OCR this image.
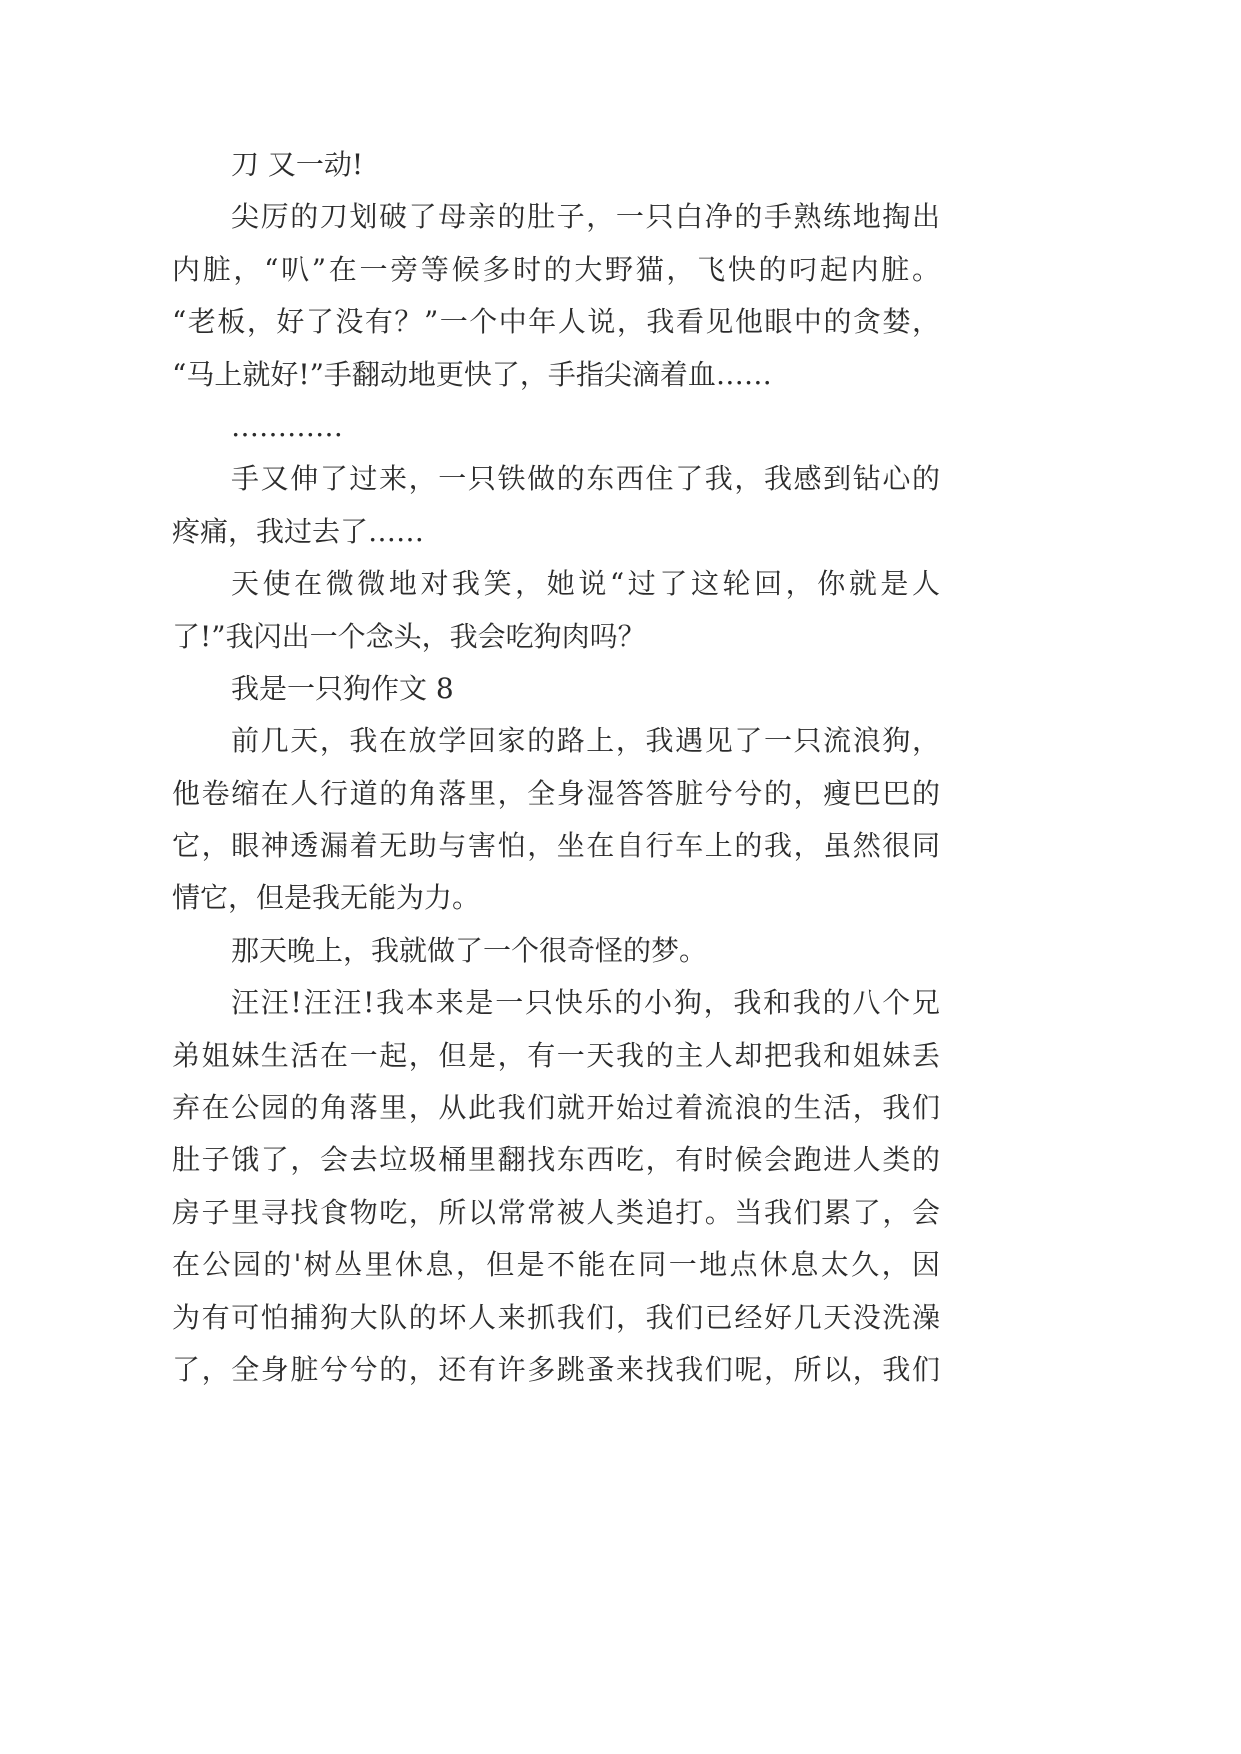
刀 又一动!
尖厉的刀划破了母亲的肚子，一只白净的手熟练地掏出
内脏，“叭”在一旁等候多时的大野猫，飞快的叼起内脏。
“老板，好了没有？”一个中年人说，我看见他眼中的贪婪，
“马上就好!”手翻动地更快了，手指尖滴着血……
…………
手又伸了过来，一只铁做的东西住了我，我感到钻心的
疼痛，我过去了……
天使在微微地对我笑，她说“过了这轮回，你就是人
了!”我闪出一个念头，我会吃狗肉吗？
我是一只狗作文 8
前几天，我在放学回家的路上，我遇见了一只流浪狗，
他卷缩在人行道的角落里，全身湿答答脏兮兮的，瘦巴巴的
它，眼神透漏着无助与害怕，坐在自行车上的我，虽然很同
情它，但是我无能为力。
那天晚上，我就做了一个很奇怪的梦。
汪汪!汪汪!我本来是一只快乐的小狗，我和我的八个兄
弟姐妹生活在一起，但是，有一天我的主人却把我和姐妹丢
弃在公园的角落里，从此我们就开始过着流浪的生活，我们
肚子饿了，会去垃圾桶里翻找东西吃，有时候会跑进人类的
房子里寻找食物吃，所以常常被人类追打。当我们累了，会
在公园的'树丛里休息，但是不能在同一地点休息太久，因
为有可怕捕狗大队的坏人来抓我们，我们已经好几天没洗澡
了，全身脏兮兮的，还有许多跳蚤来找我们呢，所以，我们
